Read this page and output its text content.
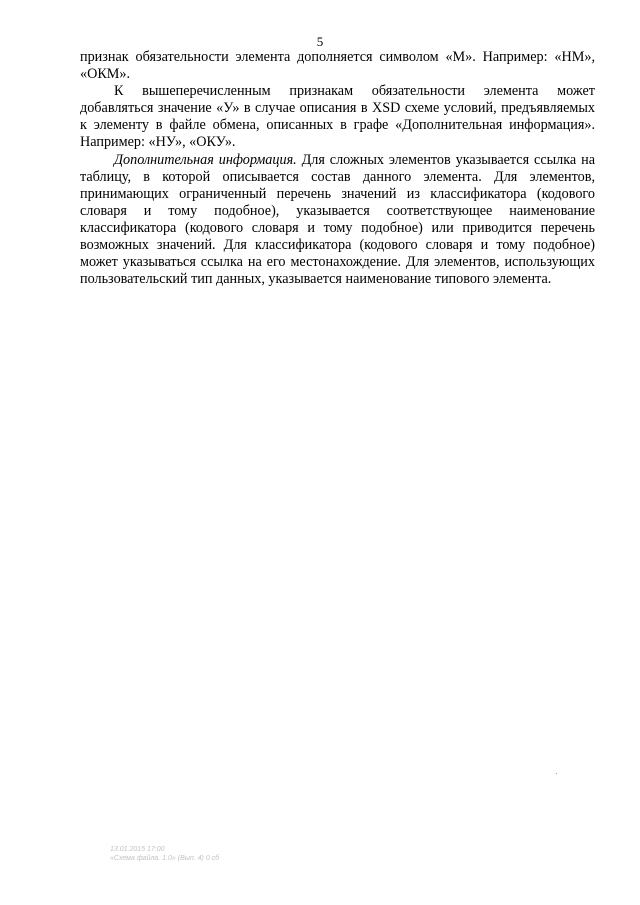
5

признак обязательности элемента дополняется символом «М». Например: «НМ», «ОКМ».

К вышеперечисленным признакам обязательности элемента может добавляться значение «У» в случае описания в XSD схеме условий, предъявляемых к элементу в файле обмена, описанных в графе «Дополнительная информация». Например: «НУ», «ОКУ».

Дополнительная информация. Для сложных элементов указывается ссылка на таблицу, в которой описывается состав данного элемента. Для элементов, принимающих ограниченный перечень значений из классификатора (кодового словаря и тому подобное), указывается соответствующее наименование классификатора (кодового словаря и тому подобное) или приводится перечень возможных значений. Для классификатора (кодового словаря и тому подобное) может указываться ссылка на его местонахождение. Для элементов, использующих пользовательский тип данных, указывается наименование типового элемента.

13.01.2015 17:00
«Схема файла. 1.0» (Вып. 4) 0 сб
